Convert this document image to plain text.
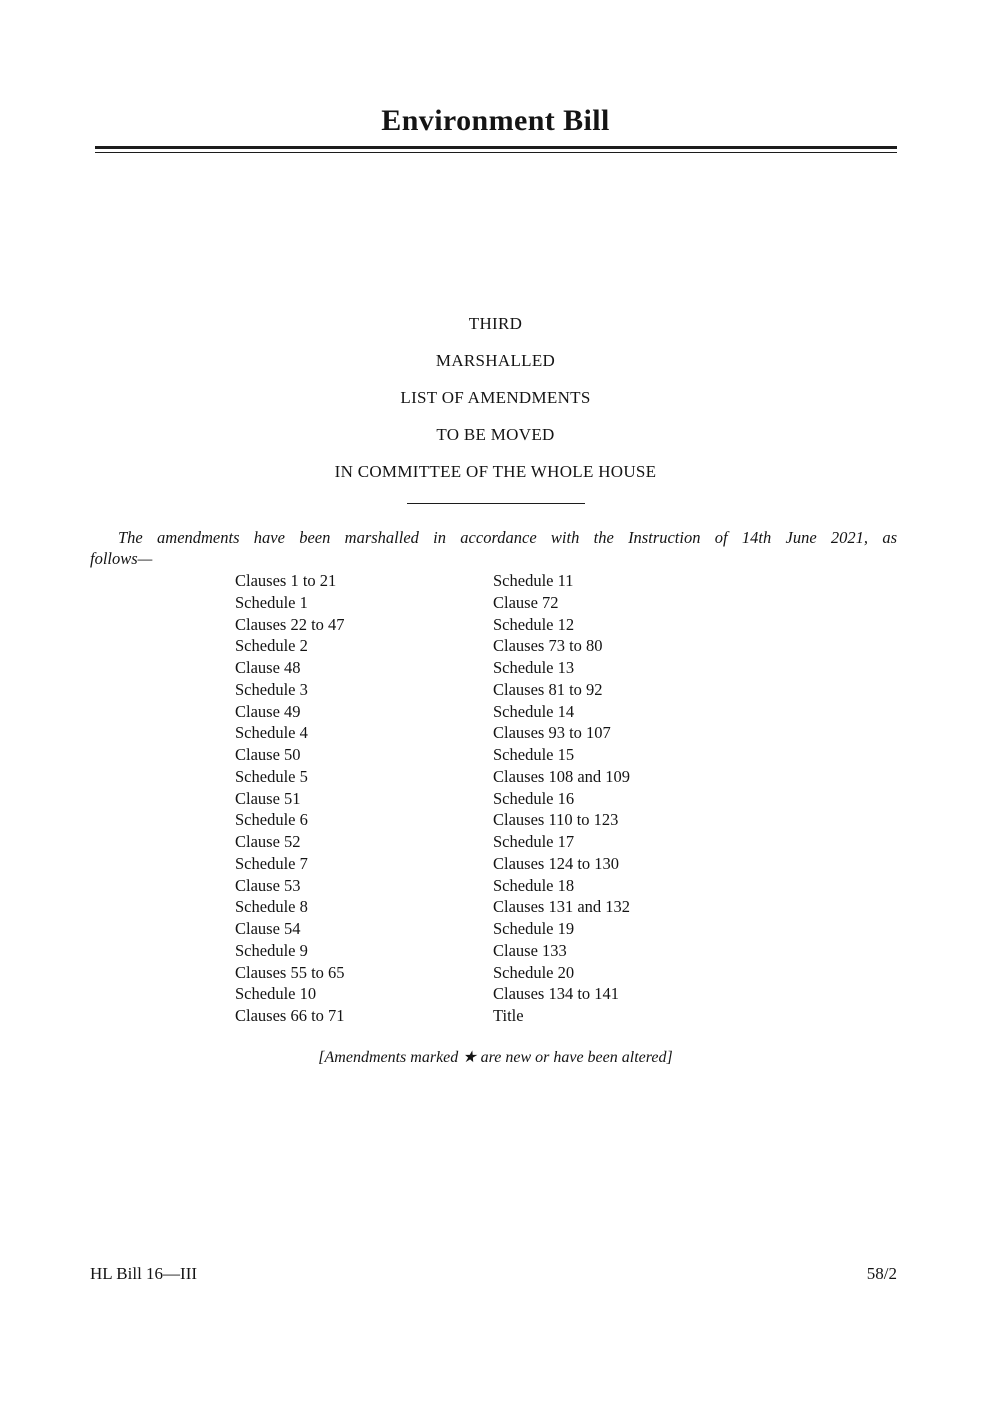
Environment Bill
THIRD
MARSHALLED
LIST OF AMENDMENTS
TO BE MOVED
IN COMMITTEE OF THE WHOLE HOUSE

The amendments have been marshalled in accordance with the Instruction of 14th June 2021, as follows—

Clauses 1 to 21
Schedule 1
Clauses 22 to 47
Schedule 2
Clause 48
Schedule 3
Clause 49
Schedule 4
Clause 50
Schedule 5
Clause 51
Schedule 6
Clause 52
Schedule 7
Clause 53
Schedule 8
Clause 54
Schedule 9
Clauses 55 to 65
Schedule 10
Clauses 66 to 71
Schedule 11
Clause 72
Schedule 12
Clauses 73 to 80
Schedule 13
Clauses 81 to 92
Schedule 14
Clauses 93 to 107
Schedule 15
Clauses 108 and 109
Schedule 16
Clauses 110 to 123
Schedule 17
Clauses 124 to 130
Schedule 18
Clauses 131 and 132
Schedule 19
Clause 133
Schedule 20
Clauses 134 to 141
Title

[Amendments marked ★ are new or have been altered]

HL Bill 16—III	58/2
